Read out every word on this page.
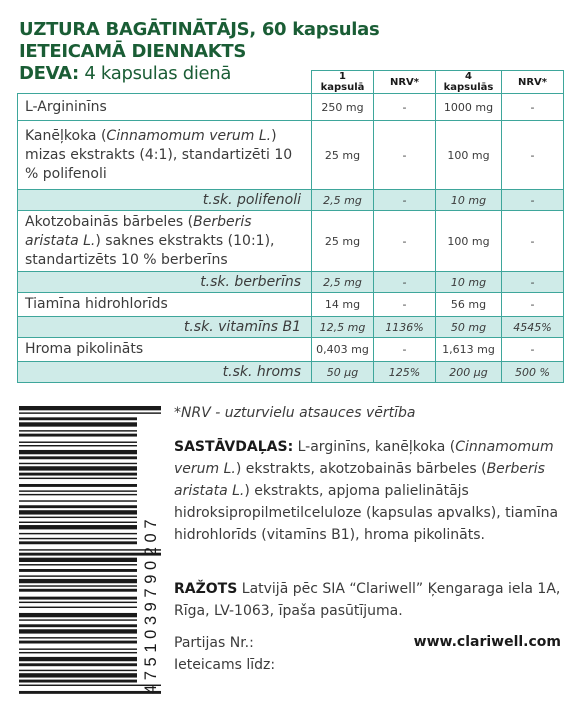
UZTURA BAGĀTINĀTĀJS, 60 kapsulas
IETEICAMĀ DIENNAKTS
DEVA: 4 kapsulas dienā
		1 kapsulā	NRV*	4 kapsulās	NRV*
L-Argininīns	250 mg	-	1000 mg	-
Kanēļkoka (Cinnamomum verum L.) mizas ekstrakts (4:1), standartizēti 10 % polifenoli	25 mg	-	100 mg	-
t.sk. polifenoli	2,5 mg	-	10 mg	-
Akotzobainās bārbeles (Berberis aristata L.) saknes ekstrakts (10:1), standartizēts 10 % berberīns	25 mg	-	100 mg	-
t.sk. berberīns	2,5 mg	-	10 mg	-
Tiamīna hidrohlorīds	14 mg	-	56 mg	-
t.sk. vitamīns B1	12,5 mg	1136%	50 mg	4545%
Hroma pikolināts	0,403 mg	-	1,613 mg	-
t.sk. hroms	50 µg	125%	200 µg	500 %
4751039790207
*NRV - uzturvielu atsauces vērtība
SASTĀVDAĻAS: L-arginīns, kanēļkoka (Cinnamomum verum L.) ekstrakts, akotzobainās bārbeles (Berberis aristata L.) ekstrakts, apjoma palielinātājs hidroksipropilmetilceluloze (kapsulas apvalks), tiamīna hidrohlorīds (vitamīns B1), hroma pikolināts.
RAŽOTS Latvijā pēc SIA “Clariwell” Ķengaraga iela 1A, Rīga, LV-1063, īpaša pasūtījuma.
Partijas Nr.:
Ieteicams līdz:
www.clariwell.com
